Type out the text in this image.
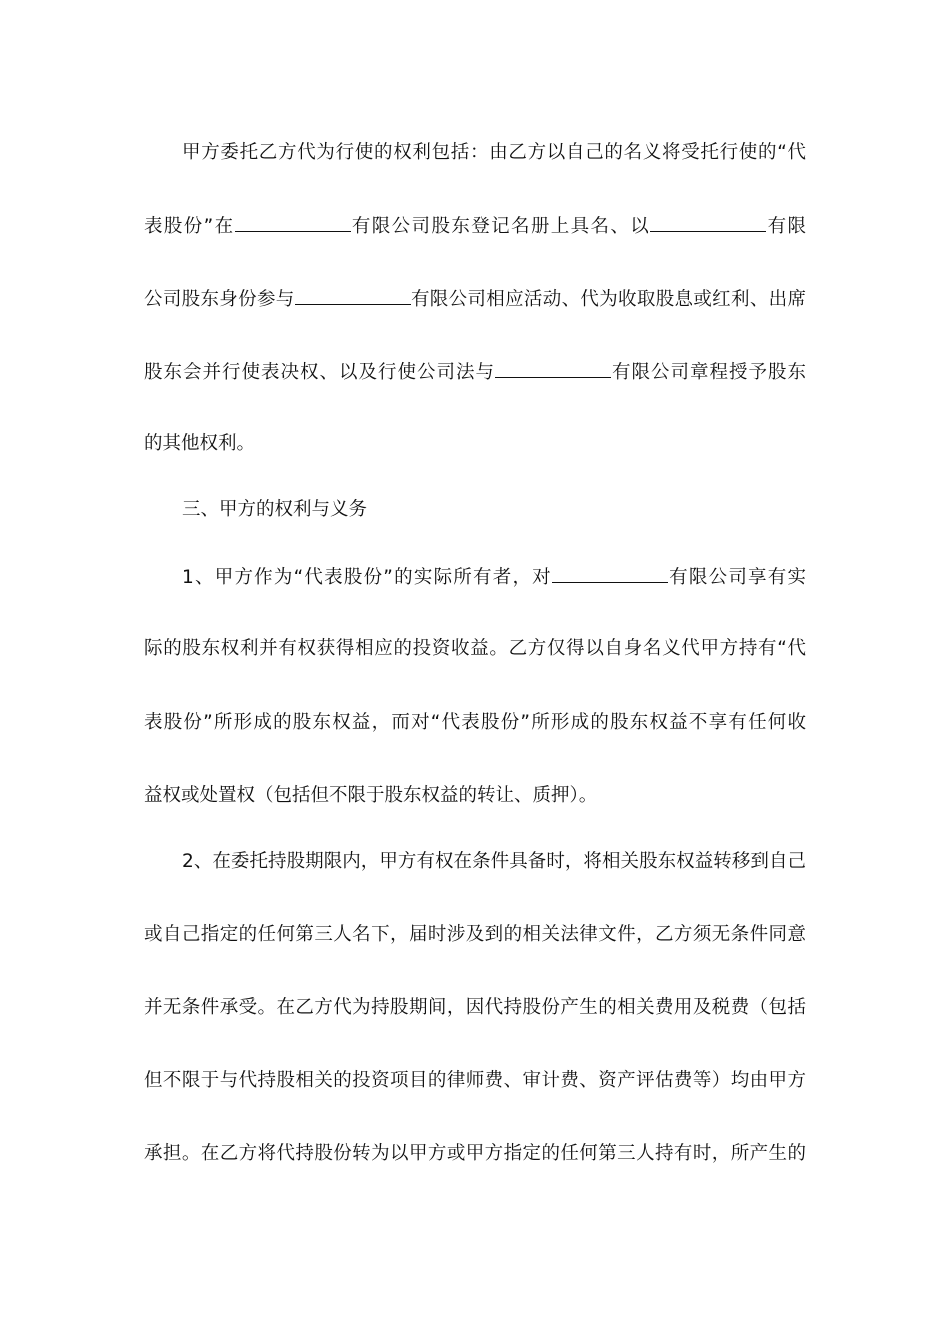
甲方委托乙方代为行使的权利包括：由乙方以自己的名义将受托行使的“代
表股份”在	有限公司股东登记名册上具名、以	有限
公司股东身份参与	有限公司相应活动、代为收取股息或红利、出席
股东会并行使表决权、以及行使公司法与	有限公司章程授予股东
的其他权利。
三、甲方的权利与义务
1、甲方作为“代表股份”的实际所有者，对	有限公司享有实
际的股东权利并有权获得相应的投资收益。乙方仅得以自身名义代甲方持有“代
表股份”所形成的股东权益，而对“代表股份”所形成的股东权益不享有任何收
益权或处置权（包括但不限于股东权益的转让、质押）。
2、在委托持股期限内，甲方有权在条件具备时，将相关股东权益转移到自己
或自己指定的任何第三人名下，届时涉及到的相关法律文件，乙方须无条件同意
并无条件承受。在乙方代为持股期间，因代持股份产生的相关费用及税费（包括
但不限于与代持股相关的投资项目的律师费、审计费、资产评估费等）均由甲方
承担。在乙方将代持股份转为以甲方或甲方指定的任何第三人持有时，所产生的
